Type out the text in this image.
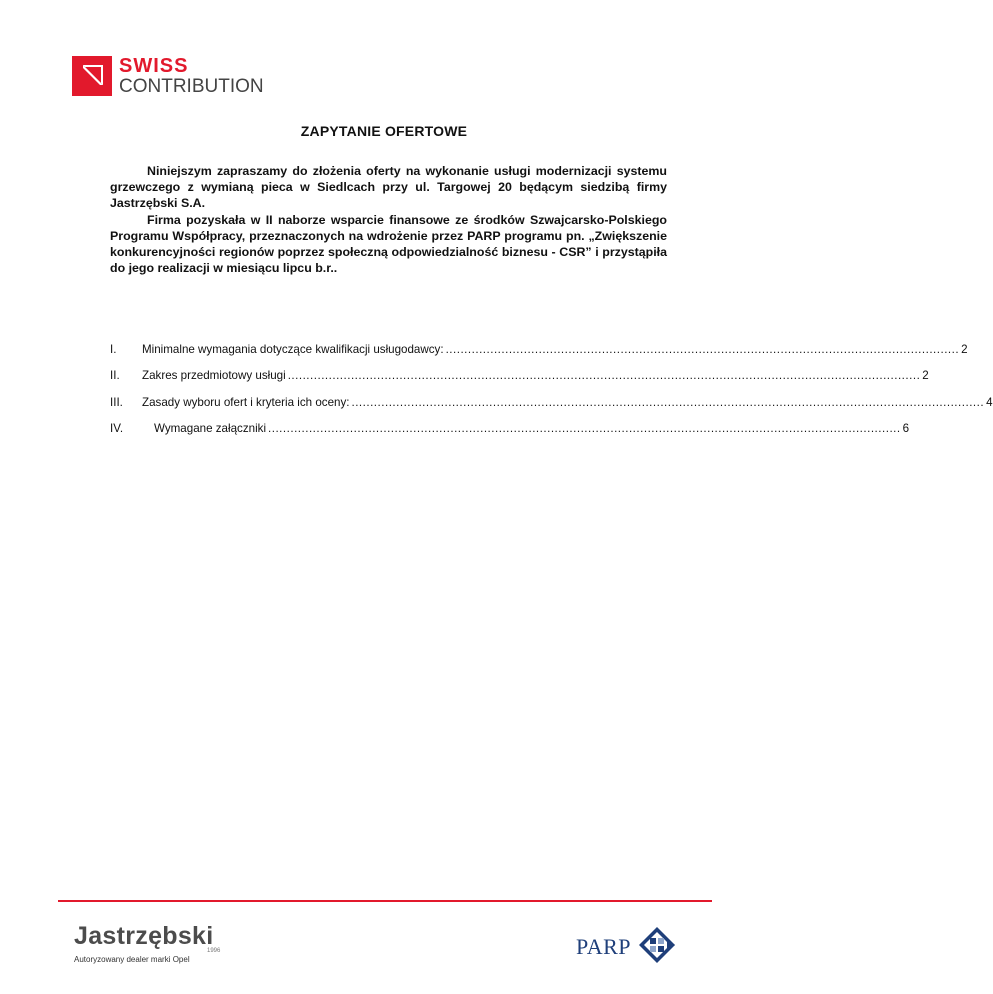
SWISS
CONTRIBUTION
ZAPYTANIE OFERTOWE

Niniejszym zapraszamy do złożenia oferty na wykonanie usługi modernizacji systemu grzewczego z wymianą pieca w Siedlcach przy ul. Targowej 20 będącym siedzibą firmy Jastrzębski S.A.

Firma pozyskała w II naborze wsparcie finansowe ze środków Szwajcarsko-Polskiego Programu Współpracy, przeznaczonych na wdrożenie przez PARP programu pn. „Zwiększenie konkurencyjności regionów poprzez społeczną odpowiedzialność biznesu - CSR” i przystąpiła do jego realizacji w miesiącu lipcu b.r..

I.	Minimalne wymagania dotyczące kwalifikacji usługodawcy: .......................................................................................................................................... 2
II.	Zakres przedmiotowy usługi .......................................................................................................................................................................... 2
III.	Zasady wyboru ofert i kryteria ich oceny: .......................................................................................................................................................................... 4
IV.	Wymagane załączniki .......................................................................................................................................................................... 6
Jastrzębski
1996
Autoryzowany dealer marki Opel
PARP
